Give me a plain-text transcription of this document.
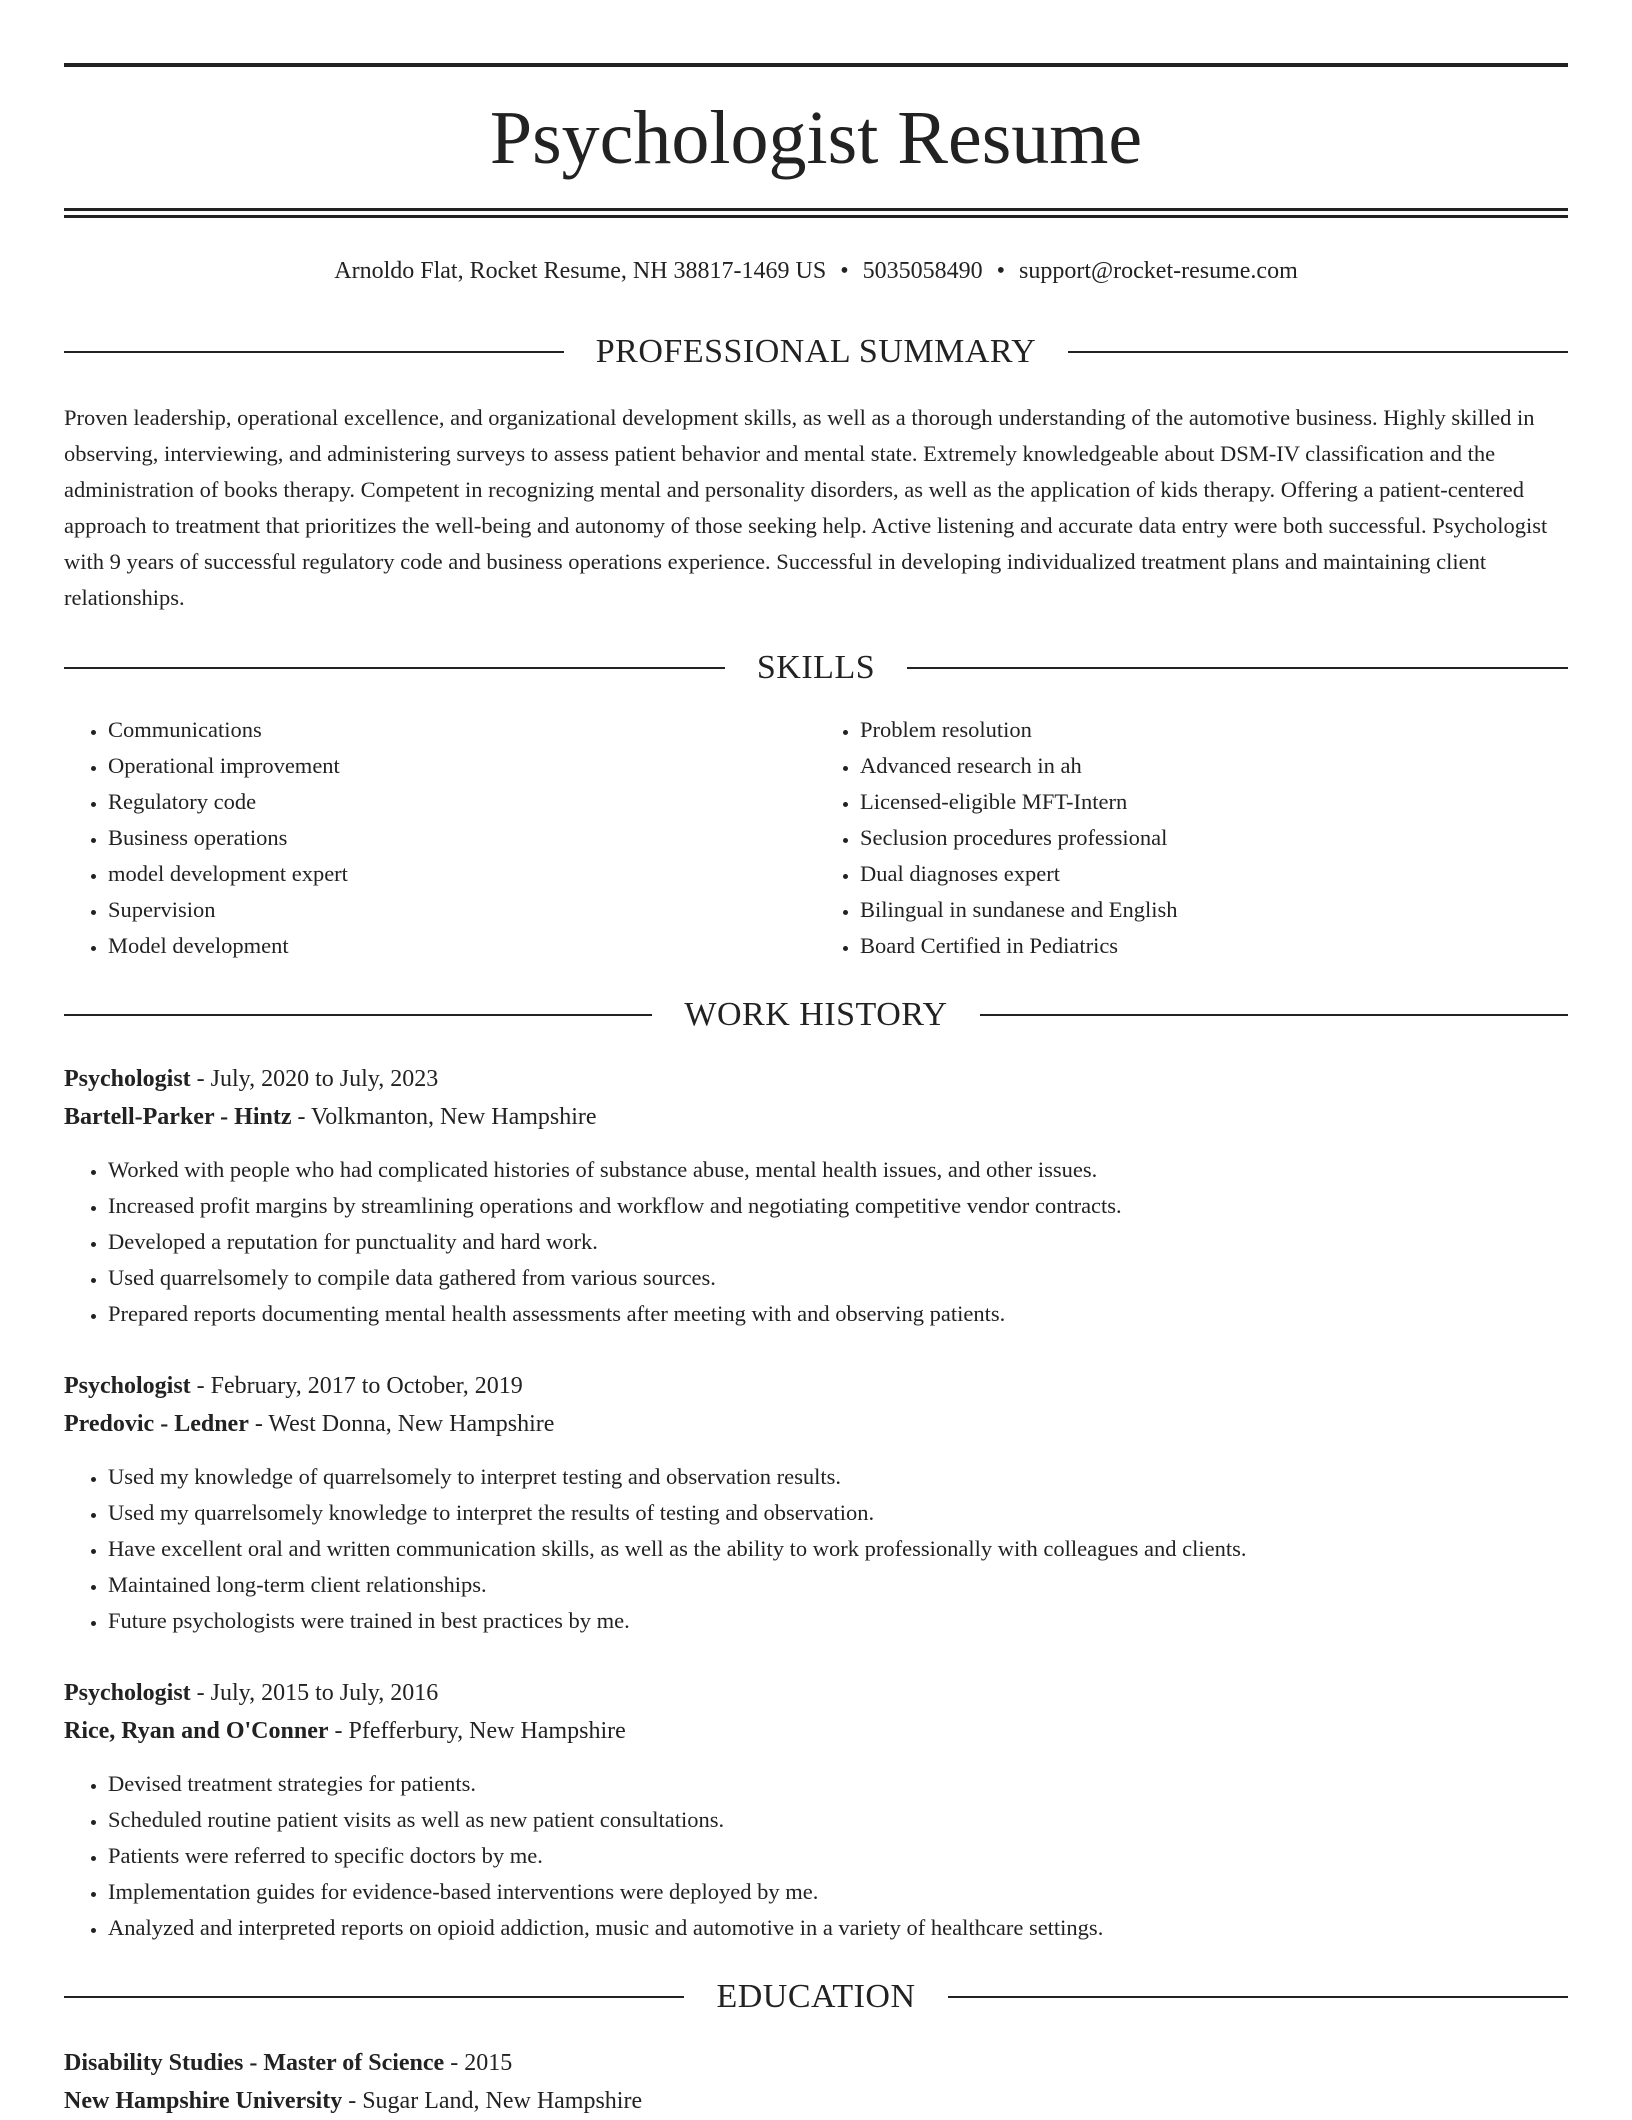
Psychologist Resume
Arnoldo Flat, Rocket Resume, NH 38817-1469 US • 5035058490 • support@rocket-resume.com
PROFESSIONAL SUMMARY

Proven leadership, operational excellence, and organizational development skills, as well as a thorough understanding of the automotive business. Highly skilled in observing, interviewing, and administering surveys to assess patient behavior and mental state. Extremely knowledgeable about DSM-IV classification and the administration of books therapy. Competent in recognizing mental and personality disorders, as well as the application of kids therapy. Offering a patient-centered approach to treatment that prioritizes the well-being and autonomy of those seeking help. Active listening and accurate data entry were both successful. Psychologist with 9 years of successful regulatory code and business operations experience. Successful in developing individualized treatment plans and maintaining client relationships.

SKILLS
• Communications
• Operational improvement
• Regulatory code
• Business operations
• model development expert
• Supervision
• Model development
• Problem resolution
• Advanced research in ah
• Licensed-eligible MFT-Intern
• Seclusion procedures professional
• Dual diagnoses expert
• Bilingual in sundanese and English
• Board Certified in Pediatrics
WORK HISTORY
Psychologist - July, 2020 to July, 2023
Bartell-Parker - Hintz - Volkmanton, New Hampshire
• Worked with people who had complicated histories of substance abuse, mental health issues, and other issues.
• Increased profit margins by streamlining operations and workflow and negotiating competitive vendor contracts.
• Developed a reputation for punctuality and hard work.
• Used quarrelsomely to compile data gathered from various sources.
• Prepared reports documenting mental health assessments after meeting with and observing patients.
Psychologist - February, 2017 to October, 2019
Predovic - Ledner - West Donna, New Hampshire
• Used my knowledge of quarrelsomely to interpret testing and observation results.
• Used my quarrelsomely knowledge to interpret the results of testing and observation.
• Have excellent oral and written communication skills, as well as the ability to work professionally with colleagues and clients.
• Maintained long-term client relationships.
• Future psychologists were trained in best practices by me.
Psychologist - July, 2015 to July, 2016
Rice, Ryan and O'Conner - Pfefferbury, New Hampshire
• Devised treatment strategies for patients.
• Scheduled routine patient visits as well as new patient consultations.
• Patients were referred to specific doctors by me.
• Implementation guides for evidence-based interventions were deployed by me.
• Analyzed and interpreted reports on opioid addiction, music and automotive in a variety of healthcare settings.
EDUCATION
Disability Studies - Master of Science - 2015
New Hampshire University - Sugar Land, New Hampshire
